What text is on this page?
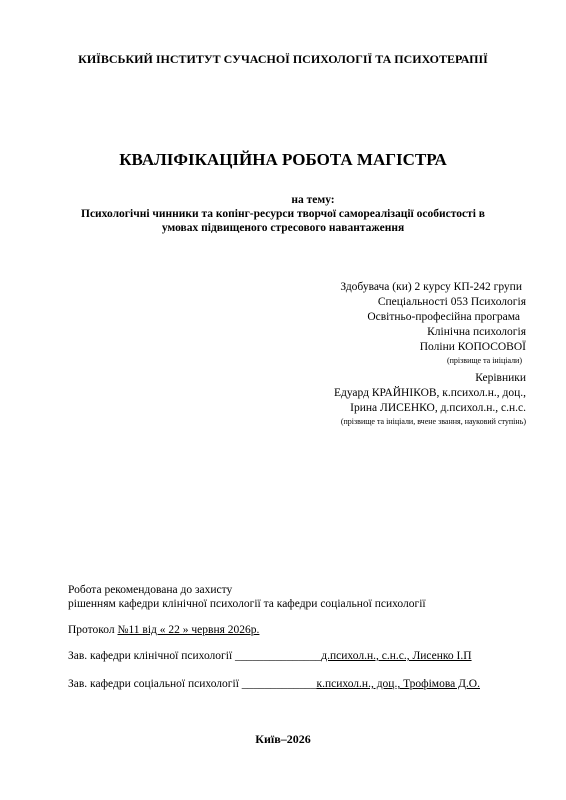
КИЇВСЬКИЙ ІНСТИТУТ СУЧАСНОЇ ПСИХОЛОГІЇ ТА ПСИХОТЕРАПІЇ
КВАЛІФІКАЦІЙНА РОБОТА МАГІСТРА
на тему:
Психологічні чинники та копінг-ресурси творчої самореалізації особистості в
умовах підвищеного стресового навантаження
Здобувача (ки) 2 курсу КП-242 групи
Спеціальності 053 Психологія
Освітньо-професійна програма
Клінічна психологія
Поліни КОПОСОВОЇ
(прізвище та ініціали)
Керівники
Едуард КРАЙНІКОВ, к.психол.н., доц.,
Ірина ЛИСЕНКО, д.психол.н., с.н.с.
(прізвище та ініціали, вчене звання, науковий ступінь)
Робота рекомендована до захисту
рішенням кафедри клінічної психології та кафедри соціальної психології
Протокол №11 від « 22 » червня 2026р.
Зав. кафедри клінічної психології _______________д.психол.н., с.н.с., Лисенко І.П
Зав. кафедри соціальної психології _____________к.психол.н., доц., Трофімова Д.О.
Київ–2026
